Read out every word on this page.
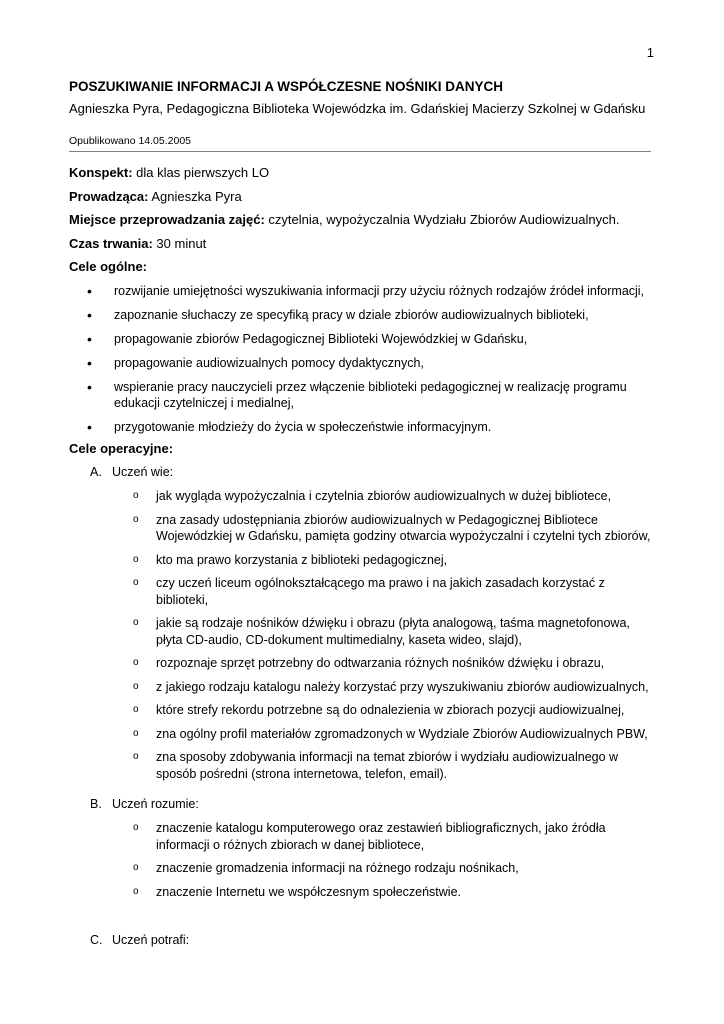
1
POSZUKIWANIE INFORMACJI A WSPÓŁCZESNE NOŚNIKI DANYCH
Agnieszka Pyra, Pedagogiczna Biblioteka Wojewódzka im. Gdańskiej Macierzy Szkolnej w Gdańsku
Opublikowano 14.05.2005
Konspekt: dla klas pierwszych LO
Prowadząca: Agnieszka Pyra
Miejsce przeprowadzania zajęć: czytelnia, wypożyczalnia Wydziału Zbiorów Audiowizualnych.
Czas trwania: 30 minut
Cele ogólne:
• rozwijanie umiejętności wyszukiwania informacji przy użyciu różnych rodzajów źródeł informacji,
• zapoznanie słuchaczy ze specyfiką pracy w dziale zbiorów audiowizualnych biblioteki,
• propagowanie zbiorów Pedagogicznej Biblioteki Wojewódzkiej w Gdańsku,
• propagowanie audiowizualnych pomocy dydaktycznych,
• wspieranie pracy nauczycieli przez włączenie biblioteki pedagogicznej w realizację programu edukacji czytelniczej i medialnej,
• przygotowanie młodzieży do życia w społeczeństwie informacyjnym.
Cele operacyjne:
A. Uczeń wie:
o jak wygląda wypożyczalnia i czytelnia zbiorów audiowizualnych w dużej bibliotece,
o zna zasady udostępniania zbiorów audiowizualnych w Pedagogicznej Bibliotece Wojewódzkiej w Gdańsku, pamięta godziny otwarcia wypożyczalni i czytelni tych zbiorów,
o kto ma prawo korzystania z biblioteki pedagogicznej,
o czy uczeń liceum ogólnokształcącego ma prawo i na jakich zasadach korzystać z biblioteki,
o jakie są rodzaje nośników dźwięku i obrazu (płyta analogową, taśma magnetofonowa, płyta CD-audio, CD-dokument multimedialny, kaseta wideo, slajd),
o rozpoznaje sprzęt potrzebny do odtwarzania różnych nośników dźwięku i obrazu,
o z jakiego rodzaju katalogu należy korzystać przy wyszukiwaniu zbiorów audiowizualnych,
o które strefy rekordu potrzebne są do odnalezienia w zbiorach pozycji audiowizualnej,
o zna ogólny profil materiałów zgromadzonych w Wydziale Zbiorów Audiowizualnych PBW,
o zna sposoby zdobywania informacji na temat zbiorów i wydziału audiowizualnego w sposób pośredni (strona internetowa, telefon, email).
B. Uczeń rozumie:
o znaczenie katalogu komputerowego oraz zestawień bibliograficznych, jako źródła informacji o różnych zbiorach w danej bibliotece,
o znaczenie gromadzenia informacji na różnego rodzaju nośnikach,
o znaczenie Internetu we współczesnym społeczeństwie.
C. Uczeń potrafi:
